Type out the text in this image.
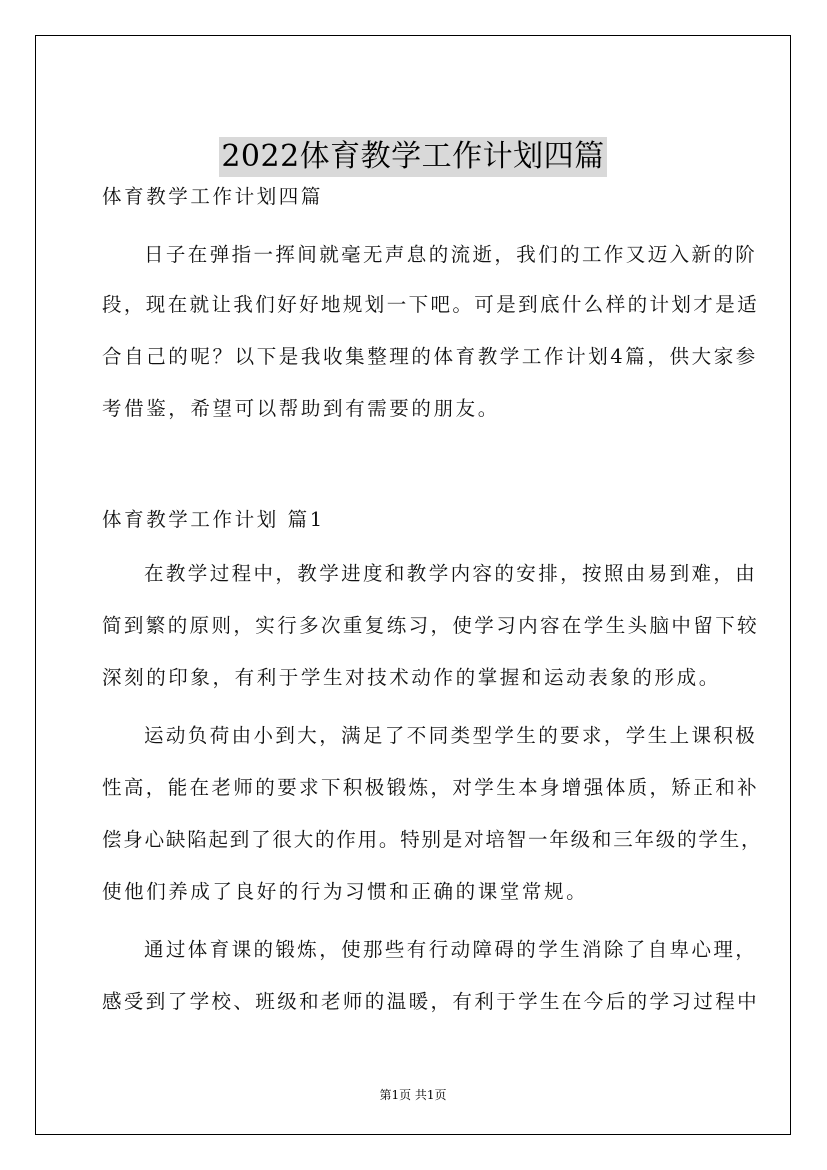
2022体育教学工作计划四篇
体育教学工作计划四篇
日子在弹指一挥间就毫无声息的流逝，我们的工作又迈入新的阶
段，现在就让我们好好地规划一下吧。可是到底什么样的计划才是适
合自己的呢？以下是我收集整理的体育教学工作计划4篇，供大家参
考借鉴，希望可以帮助到有需要的朋友。
体育教学工作计划 篇1
在教学过程中，教学进度和教学内容的安排，按照由易到难，由
简到繁的原则，实行多次重复练习，使学习内容在学生头脑中留下较
深刻的印象，有利于学生对技术动作的掌握和运动表象的形成。
运动负荷由小到大，满足了不同类型学生的要求，学生上课积极
性高，能在老师的要求下积极锻炼，对学生本身增强体质，矫正和补
偿身心缺陷起到了很大的作用。特别是对培智一年级和三年级的学生，
使他们养成了良好的行为习惯和正确的课堂常规。
通过体育课的锻炼，使那些有行动障碍的学生消除了自卑心理，
感受到了学校、班级和老师的温暖，有利于学生在今后的学习过程中
第1页 共1页
